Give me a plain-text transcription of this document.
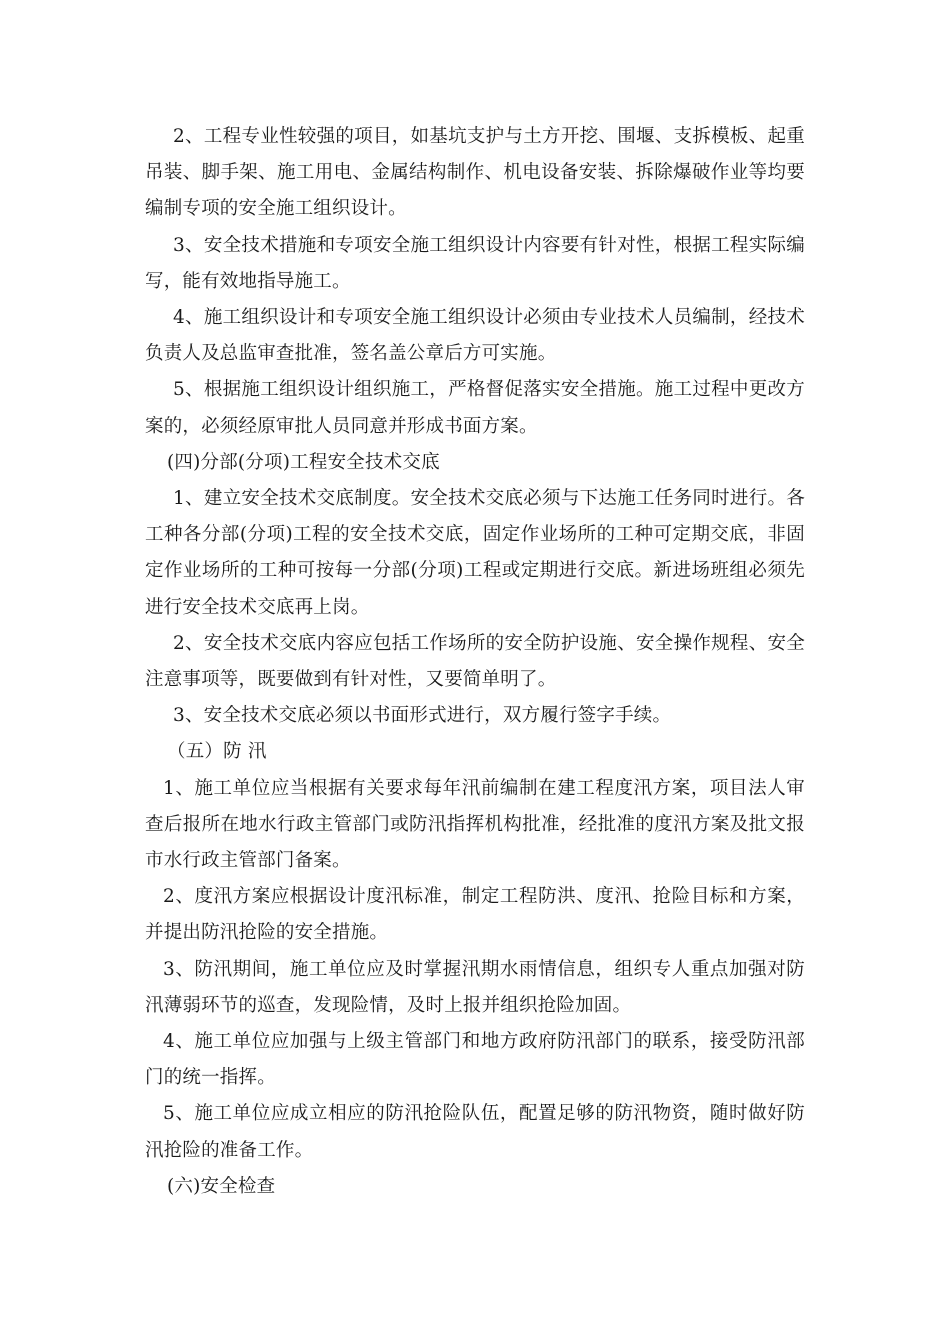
2、工程专业性较强的项目，如基坑支护与土方开挖、围堰、支拆模板、起重吊装、脚手架、施工用电、金属结构制作、机电设备安装、拆除爆破作业等均要编制专项的安全施工组织设计。

3、安全技术措施和专项安全施工组织设计内容要有针对性，根据工程实际编写，能有效地指导施工。

4、施工组织设计和专项安全施工组织设计必须由专业技术人员编制，经技术负责人及总监审查批准，签名盖公章后方可实施。

5、根据施工组织设计组织施工，严格督促落实安全措施。施工过程中更改方案的，必须经原审批人员同意并形成书面方案。

(四)分部(分项)工程安全技术交底

1、建立安全技术交底制度。安全技术交底必须与下达施工任务同时进行。各工种各分部(分项)工程的安全技术交底，固定作业场所的工种可定期交底，非固定作业场所的工种可按每一分部(分项)工程或定期进行交底。新进场班组必须先进行安全技术交底再上岗。

2、安全技术交底内容应包括工作场所的安全防护设施、安全操作规程、安全注意事项等，既要做到有针对性，又要简单明了。

3、安全技术交底必须以书面形式进行，双方履行签字手续。

（五）防 汛

1、施工单位应当根据有关要求每年汛前编制在建工程度汛方案，项目法人审查后报所在地水行政主管部门或防汛指挥机构批准，经批准的度汛方案及批文报市水行政主管部门备案。

2、度汛方案应根据设计度汛标准，制定工程防洪、度汛、抢险目标和方案，并提出防汛抢险的安全措施。

3、防汛期间，施工单位应及时掌握汛期水雨情信息，组织专人重点加强对防汛薄弱环节的巡查，发现险情，及时上报并组织抢险加固。

4、施工单位应加强与上级主管部门和地方政府防汛部门的联系，接受防汛部门的统一指挥。

5、施工单位应成立相应的防汛抢险队伍，配置足够的防汛物资，随时做好防汛抢险的准备工作。

(六)安全检查
